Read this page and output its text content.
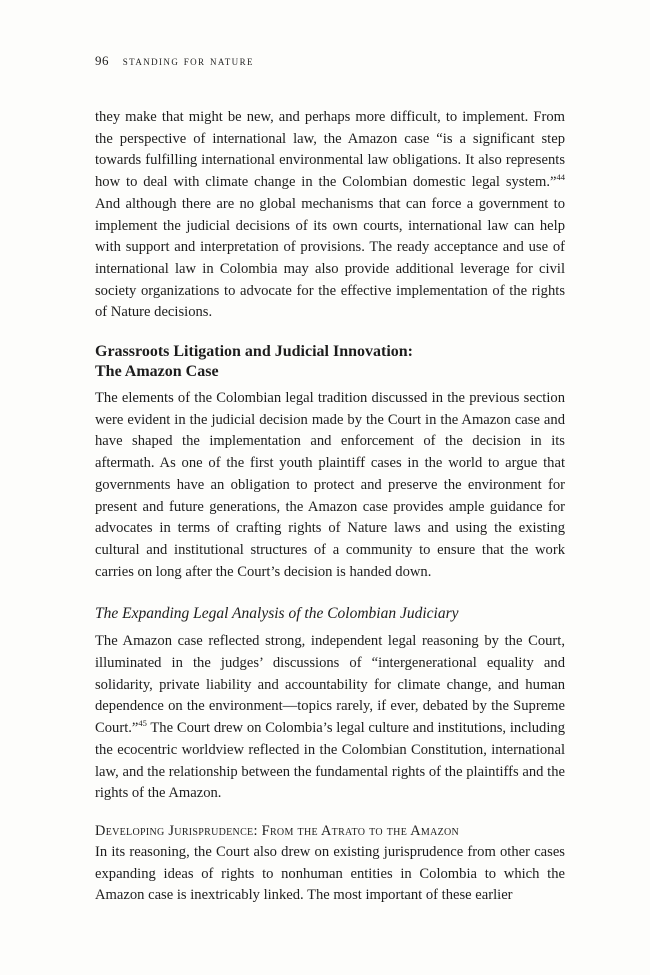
96 standing for nature

they make that might be new, and perhaps more difficult, to implement. From the perspective of international law, the Amazon case “is a significant step towards fulfilling international environmental law obligations. It also represents how to deal with climate change in the Colombian domestic legal system.”$^{44}$ And although there are no global mechanisms that can force a government to implement the judicial decisions of its own courts, international law can help with support and interpretation of provisions. The ready acceptance and use of international law in Colombia may also provide additional leverage for civil society organizations to advocate for the effective implementation of the rights of Nature decisions.

Grassroots Litigation and Judicial Innovation:
The Amazon Case

The elements of the Colombian legal tradition discussed in the previous section were evident in the judicial decision made by the Court in the Amazon case and have shaped the implementation and enforcement of the decision in its aftermath. As one of the first youth plaintiff cases in the world to argue that governments have an obligation to protect and preserve the environment for present and future generations, the Amazon case provides ample guidance for advocates in terms of crafting rights of Nature laws and using the existing cultural and institutional structures of a community to ensure that the work carries on long after the Court’s decision is handed down.

The Expanding Legal Analysis of the Colombian Judiciary

The Amazon case reflected strong, independent legal reasoning by the Court, illuminated in the judges’ discussions of “intergenerational equality and solidarity, private liability and accountability for climate change, and human dependence on the environment—topics rarely, if ever, debated by the Supreme Court.”$^{45}$ The Court drew on Colombia’s legal culture and institutions, including the ecocentric worldview reflected in the Colombian Constitution, international law, and the relationship between the fundamental rights of the plaintiffs and the rights of the Amazon.

Developing Jurisprudence: From the Atrato to the Amazon

In its reasoning, the Court also drew on existing jurisprudence from other cases expanding ideas of rights to nonhuman entities in Colombia to which the Amazon case is inextricably linked. The most important of these earlier
